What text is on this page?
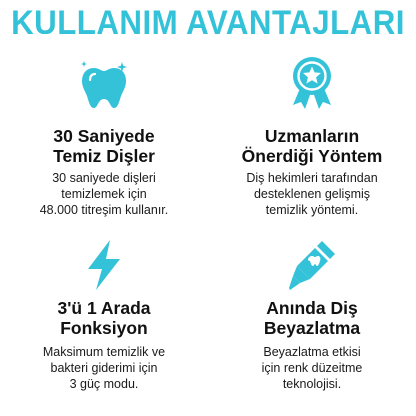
KULLANIM AVANTAJLARI
30 Saniyede
Temiz Dişler
30 saniyede dişleri
temizlemek için
48.000 titreşim kullanır.
Uzmanların
Önerdiği Yöntem
Diş hekimleri tarafından
desteklenen gelişmiş
temizlik yöntemi.
3'ü 1 Arada
Fonksiyon
Maksimum temizlik ve
bakteri giderimi için
3 güç modu.
Anında Diş
Beyazlatma
Beyazlatma etkisi
için renk düzeitme
teknolojisi.
